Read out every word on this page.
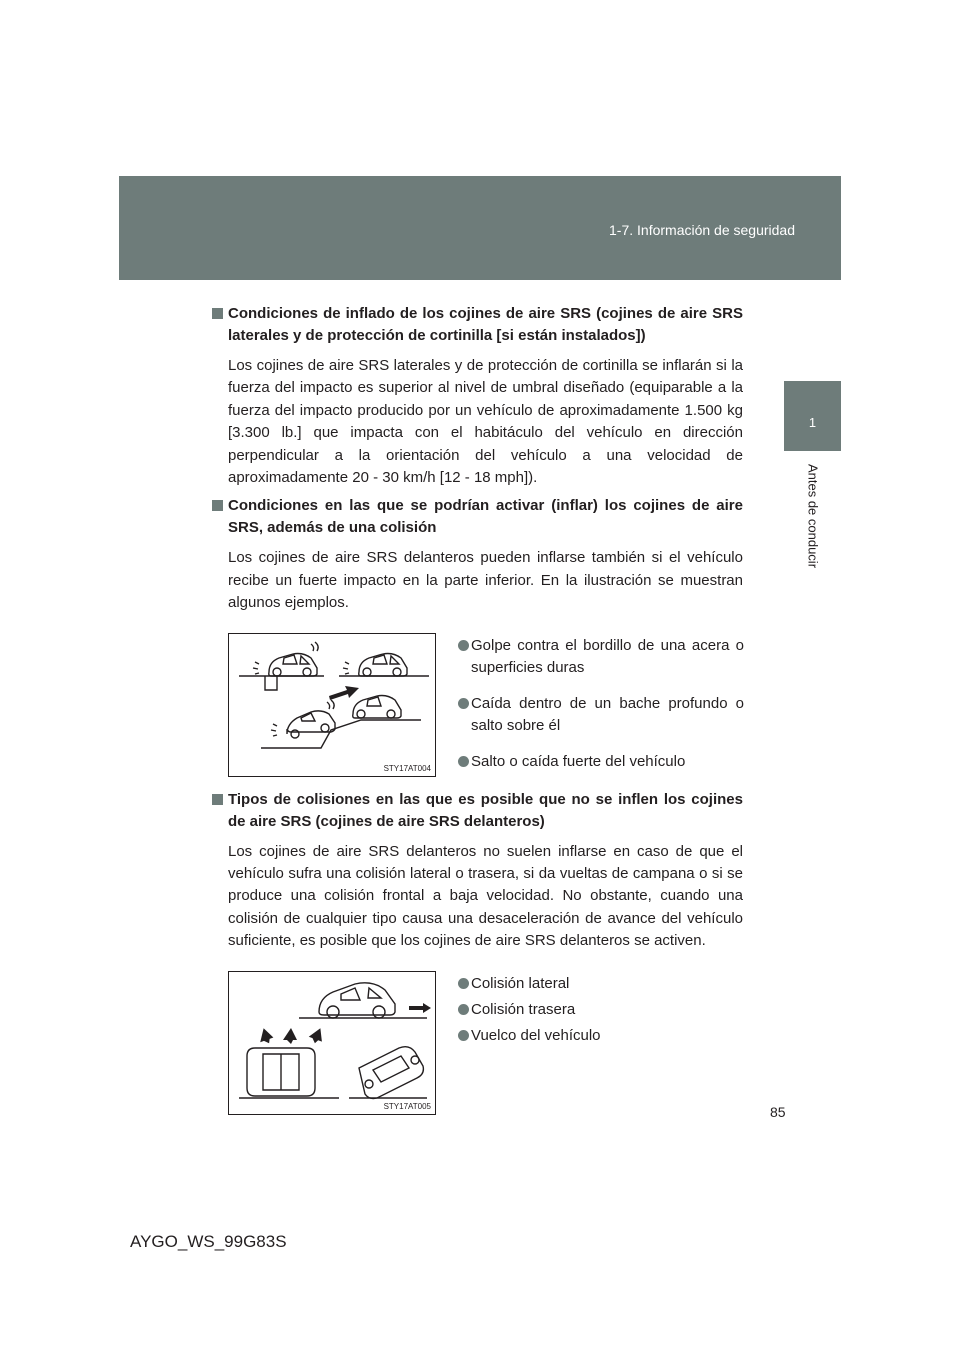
1-7. Información de seguridad
1
Antes de conducir
Condiciones de inflado de los cojines de aire SRS (cojines de aire SRS laterales y de protección de cortinilla [si están instalados])
Los cojines de aire SRS laterales y de protección de cortinilla se inflarán si la fuerza del impacto es superior al nivel de umbral diseñado (equiparable a la fuerza del impacto producido por un vehículo de aproximadamente 1.500 kg [3.300 lb.] que impacta con el habitáculo del vehículo en dirección perpendicular a la orientación del vehículo a una velocidad de aproximadamente 20 - 30 km/h [12 - 18 mph]).
Condiciones en las que se podrían activar (inflar) los cojines de aire SRS, además de una colisión
Los cojines de aire SRS delanteros pueden inflarse también si el vehículo recibe un fuerte impacto en la parte inferior. En la ilustración se muestran algunos ejemplos.
STY17AT004
Golpe contra el bordillo de una acera o superficies duras
Caída dentro de un bache profundo o salto sobre él
Salto o caída fuerte del vehículo
Tipos de colisiones en las que es posible que no se inflen los cojines de aire SRS (cojines de aire SRS delanteros)
Los cojines de aire SRS delanteros no suelen inflarse en caso de que el vehículo sufra una colisión lateral o trasera, si da vueltas de campana o si se produce una colisión frontal a baja velocidad. No obstante, cuando una colisión de cualquier tipo causa una desaceleración de avance del vehículo suficiente, es posible que los cojines de aire SRS delanteros se activen.
STY17AT005
Colisión lateral
Colisión trasera
Vuelco del vehículo
85
AYGO_WS_99G83S
